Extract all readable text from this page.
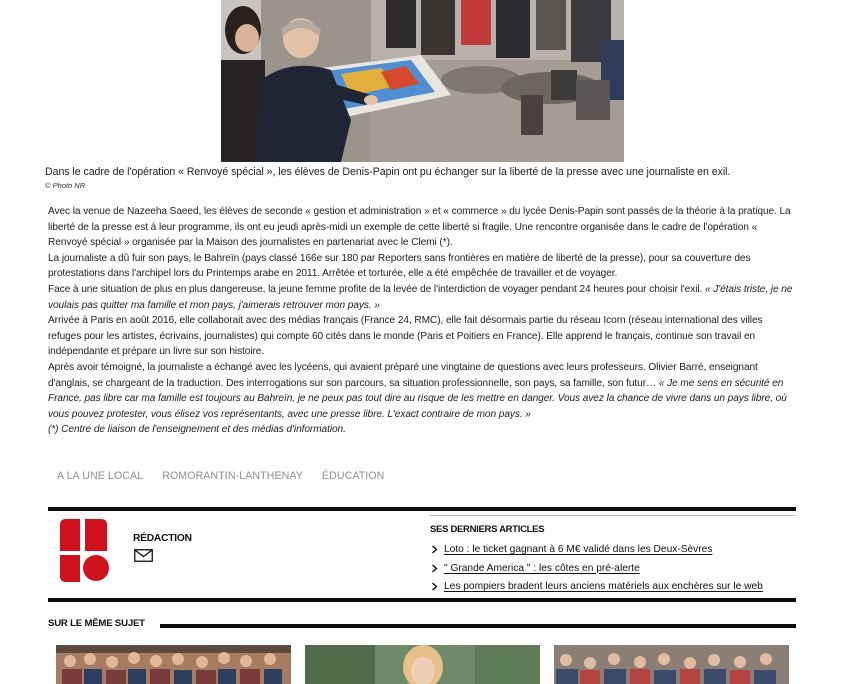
Dans le cadre de l'opération « Renvoyé spécial », les élèves de Denis-Papin ont pu échanger sur la liberté de la presse avec une journaliste en exil.
© Photo NR

Avec la venue de Nazeeha Saeed, les élèves de seconde « gestion et administration » et « commerce » du lycée Denis-Papin sont passés de la théorie à la pratique. La liberté de la presse est à leur programme, ils ont eu jeudi après-midi un exemple de cette liberté si fragile. Une rencontre organisée dans le cadre de l'opération « Renvoyé spécial » organisée par la Maison des journalistes en partenariat avec le Clemi (*).

La journaliste a dû fuir son pays, le Bahreïn (pays classé 166e sur 180 par Reporters sans frontières en matière de liberté de la presse), pour sa couverture des protestations dans l'archipel lors du Printemps arabe en 2011. Arrêtée et torturée, elle a été empêchée de travailler et de voyager.

Face à une situation de plus en plus dangereuse, la jeune femme profite de la levée de l'interdiction de voyager pendant 24 heures pour choisir l'exil. « J'étais triste, je ne voulais pas quitter ma famille et mon pays, j'aimerais retrouver mon pays. »

Arrivée à Paris en août 2016, elle collaborait avec des médias français (France 24, RMC), elle fait désormais partie du réseau Icorn (réseau international des villes refuges pour les artistes, écrivains, journalistes) qui compte 60 cités dans le monde (Paris et Poitiers en France). Elle apprend le français, continue son travail en indépendante et prépare un livre sur son histoire.

Après avoir témoigné, la journaliste a échangé avec les lycéens, qui avaient préparé une vingtaine de questions avec leurs professeurs. Olivier Barré, enseignant d'anglais, se chargeant de la traduction. Des interrogations sur son parcours, sa situation professionnelle, son pays, sa famille, son futur… « Je me sens en sécurité en France, pas libre car ma famille est toujours au Bahreïn, je ne peux pas tout dire au risque de les mettre en danger. Vous avez la chance de vivre dans un pays libre, où vous pouvez protester, vous élisez vos représentants, avec une presse libre. L'exact contraire de mon pays. »

(*) Centre de liaison de l'enseignement et des médias d'information.

A LA UNE LOCAL ROMORANTIN-LANTHENAY ÉDUCATION
RÉDACTION
SES DERNIERS ARTICLES
Loto : le ticket gagnant à 6 M€ validé dans les Deux-Sèvres
" Grande America " : les côtes en pré-alerte
Les pompiers bradent leurs anciens matériels aux enchères sur le web
SUR LE MÊME SUJET
